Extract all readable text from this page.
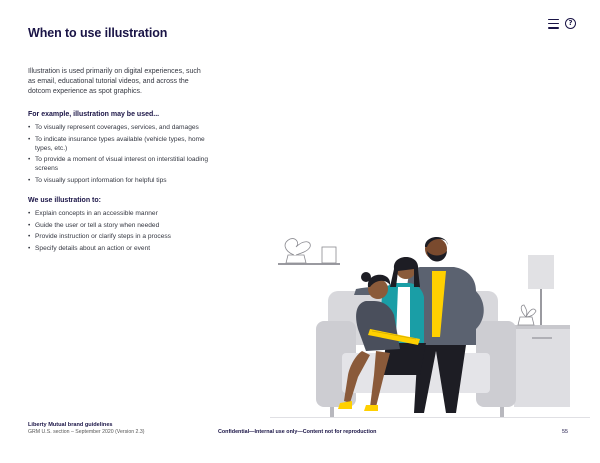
When to use illustration
?

Illustration is used primarily on digital experiences, such as email, educational tutorial videos, and across the dotcom experience as spot graphics.

For example, illustration may be used...
• To visually represent coverages, services, and damages
• To indicate insurance types available (vehicle types, home types, etc.)
• To provide a moment of visual interest on interstitial loading screens
• To visually support information for helpful tips
We use illustration to:
• Explain concepts in an accessible manner
• Guide the user or tell a story when needed
• Provide instruction or clarify steps in a process
• Specify details about an action or event
Liberty Mutual brand guidelines
GRM U.S. section – September 2020 (Version 2.3)	Confidential—Internal use only—Content not for reproduction	55
